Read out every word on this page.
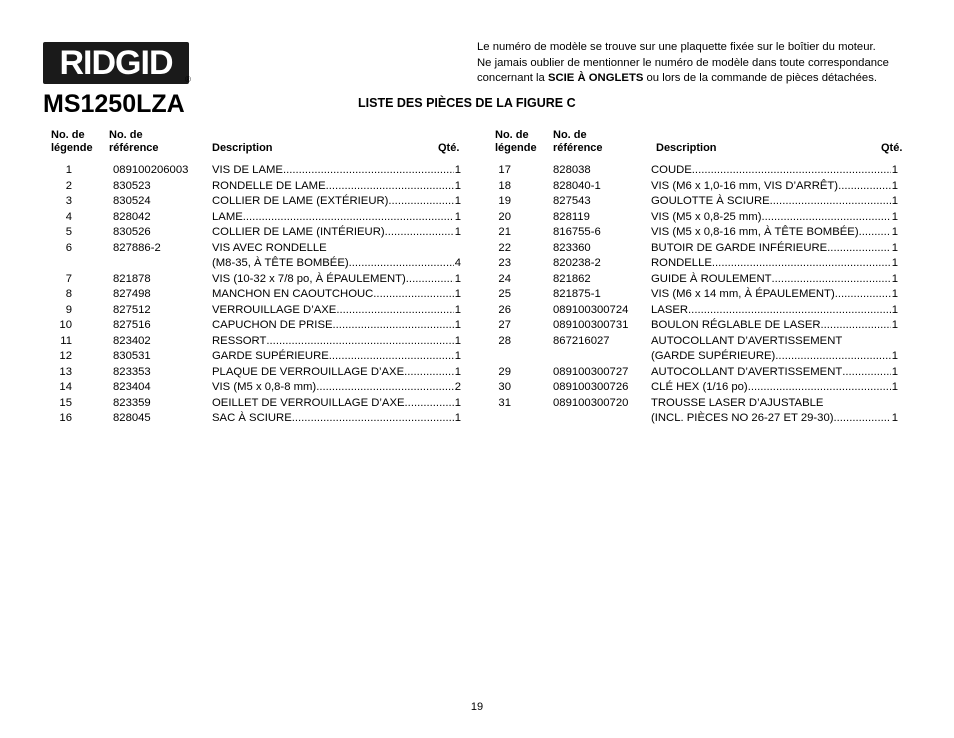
RIDGID	®
MS1250LZA
Le numéro de modèle se trouve sur une plaquette fixée sur le boîtier du moteur.
Ne jamais oublier de mentionner le numéro de modèle dans toute correspondance
concernant la SCIE À ONGLETS ou lors de la commande de pièces détachées.
LISTE DES PIÈCES DE LA FIGURE C
No. de
légende
No. de
référence	Description	Qté.
No. de
légende
No. de
référence	Description	Qté.
1	089100206003 VIS DE LAME .....	1
2	830523	RONDELLE DE LAME .....	1
3	830524	COLLIER DE LAME (EXTÉRIEUR) .....	1
4	828042	LAME .....	1
5	830526	COLLIER DE LAME (INTÉRIEUR) .....	1
6	827886-2	VIS AVEC RONDELLE
(M8-35, À TÊTE BOMBÉE) .....	4
7	821878	VIS (10-32 x 7/8 po, À ÉPAULEMENT) .....	1
8	827498	MANCHON EN CAOUTCHOUC .....	1
9	827512	VERROUILLAGE D’AXE .....	1
10	827516	CAPUCHON DE PRISE .....	1
11	823402	RESSORT .....	1
12	830531	GARDE SUPÉRIEURE .....	1
13	823353	PLAQUE DE VERROUILLAGE D’AXE .....	1
14	823404	VIS (M5 x 0,8-8 mm) .....	2
15	823359	OEILLET DE VERROUILLAGE D’AXE .....	1
16	828045	SAC À SCIURE .....	1
17	828038	COUDE .....	1
18	828040-1	VIS (M6 x 1,0-16 mm, VIS D’ARRÊT) .....	1
19	827543	GOULOTTE À SCIURE .....	1
20	828119	VIS (M5 x 0,8-25 mm) .....	1
21	816755-6	VIS (M5 x 0,8-16 mm, À TÊTE BOMBÉE) .....	1
22	823360	BUTOIR DE GARDE INFÉRIEURE .....	1
23	820238-2	RONDELLE .....	1
24	821862	GUIDE À ROULEMENT .....	1
25	821875-1	VIS (M6 x 14 mm, À ÉPAULEMENT) .....	1
26	089100300724 LASER .....	1
27	089100300731 BOULON RÉGLABLE DE LASER .....	1
28	867216027	AUTOCOLLANT D’AVERTISSEMENT
(GARDE SUPÉRIEURE) .....	1
29	089100300727 AUTOCOLLANT D’AVERTISSEMENT .....	1
30	089100300726 CLÉ HEX (1/16 po) .....	1
31	089100300720 TROUSSE LASER D’AJUSTABLE
(INCL. PIÈCES NO 26-27 ET 29-30) .....	1
19
